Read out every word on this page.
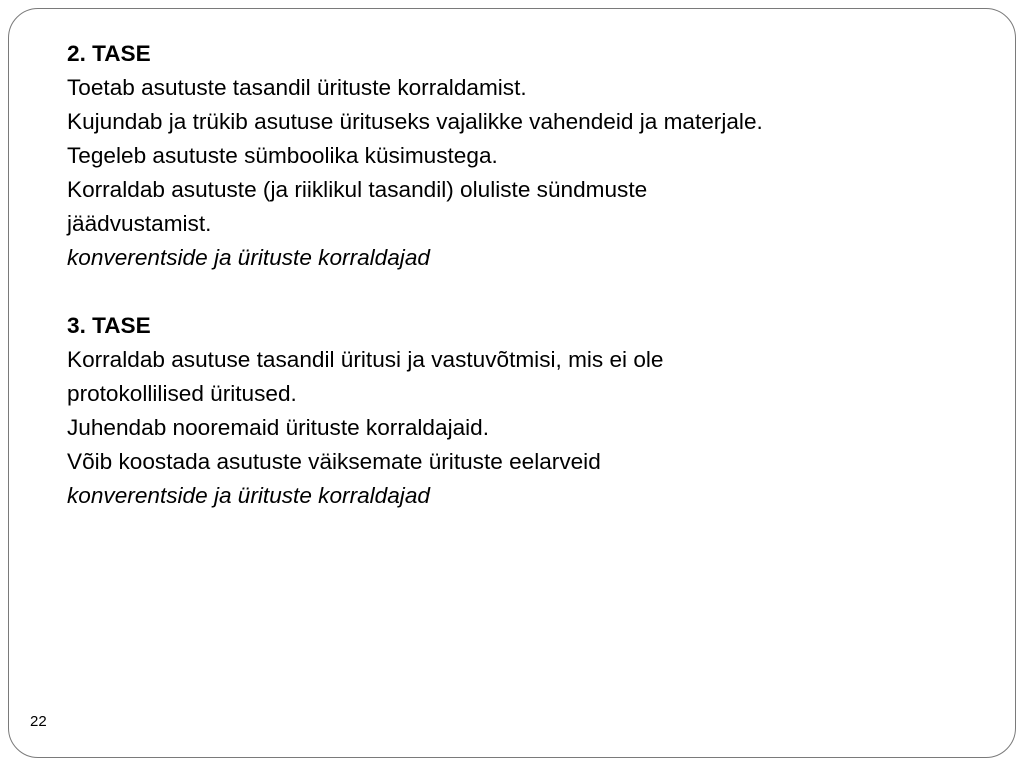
2. TASE

Toetab asutuste tasandil ürituste korraldamist.

Kujundab ja trükib asutuse ürituseks vajalikke vahendeid ja materjale.

Tegeleb asutuste sümboolika küsimustega.

Korraldab asutuste (ja riiklikul tasandil) oluliste sündmuste

jäädvustamist.

konverentside ja ürituste korraldajad

3. TASE

Korraldab asutuse tasandil üritusi ja vastuvõtmisi, mis ei ole

protokollilised üritused.

Juhendab nooremaid ürituste korraldajaid.

Võib koostada asutuste väiksemate ürituste eelarveid

konverentside ja ürituste korraldajad

22
